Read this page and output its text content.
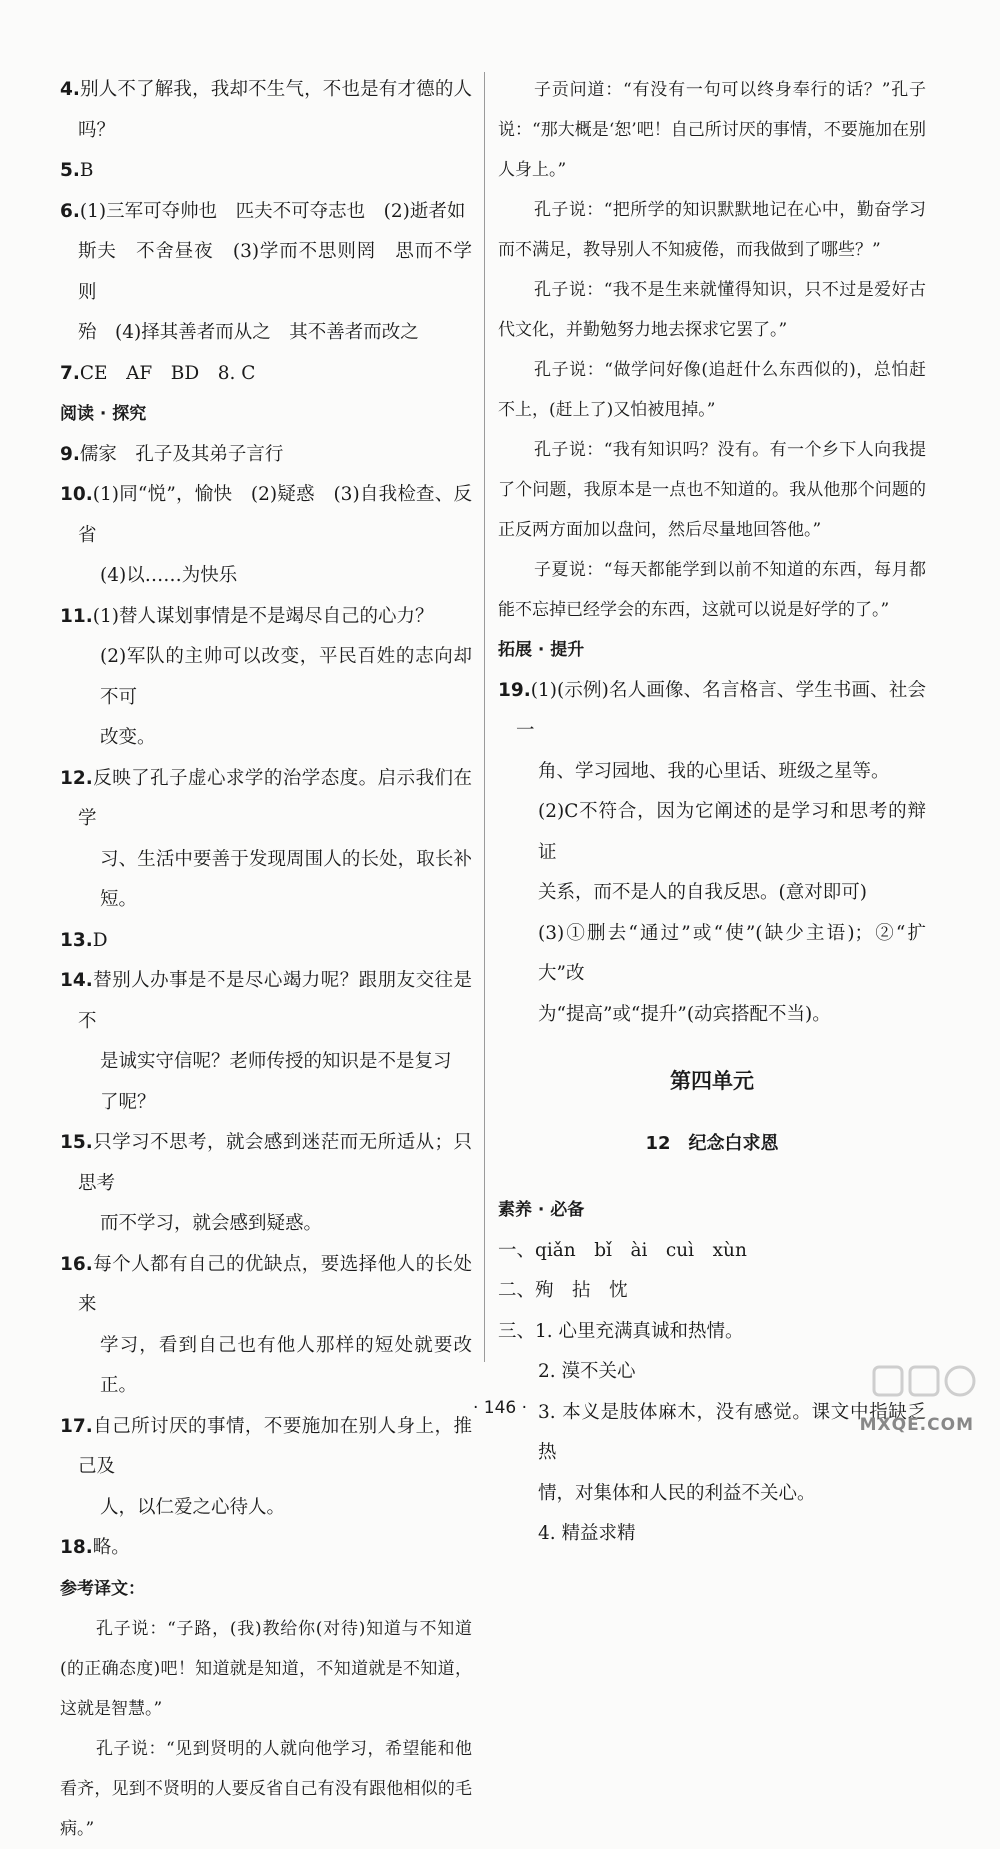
4.别人不了解我，我却不生气，不也是有才德的人吗？
5.B
6.(1)三军可夺帅也　匹夫不可夺志也　(2)逝者如
斯夫　不舍昼夜　(3)学而不思则罔　思而不学则
殆　(4)择其善者而从之　其不善者而改之
7.CE　AF　BD　8. C
阅读 · 探究
9.儒家　孔子及其弟子言行
10.(1)同“悦”，愉快　(2)疑惑　(3)自我检查、反省
(4)以……为快乐
11.(1)替人谋划事情是不是竭尽自己的心力？
(2)军队的主帅可以改变，平民百姓的志向却不可
改变。
12.反映了孔子虚心求学的治学态度。启示我们在学
习、生活中要善于发现周围人的长处，取长补短。
13.D
14.替别人办事是不是尽心竭力呢？跟朋友交往是不
是诚实守信呢？老师传授的知识是不是复习
了呢？
15.只学习不思考，就会感到迷茫而无所适从；只思考
而不学习，就会感到疑惑。
16.每个人都有自己的优缺点，要选择他人的长处来
学习，看到自己也有他人那样的短处就要改正。
17.自己所讨厌的事情，不要施加在别人身上，推己及
人，以仁爱之心待人。
18.略。
参考译文：
孔子说：“子路，(我)教给你(对待)知道与不知道(的正确态度)吧！知道就是知道，不知道就是不知道，这就是智慧。”
孔子说：“见到贤明的人就向他学习，希望能和他看齐，见到不贤明的人要反省自己有没有跟他相似的毛病。”
子贡问道：“有没有一句可以终身奉行的话？”孔子说：“那大概是‘恕’吧！自己所讨厌的事情，不要施加在别人身上。”
孔子说：“把所学的知识默默地记在心中，勤奋学习而不满足，教导别人不知疲倦，而我做到了哪些？”
孔子说：“我不是生来就懂得知识，只不过是爱好古代文化，并勤勉努力地去探求它罢了。”
孔子说：“做学问好像(追赶什么东西似的)，总怕赶不上，(赶上了)又怕被甩掉。”
孔子说：“我有知识吗？没有。有一个乡下人向我提了个问题，我原本是一点也不知道的。我从他那个问题的正反两方面加以盘问，然后尽量地回答他。”
子夏说：“每天都能学到以前不知道的东西，每月都能不忘掉已经学会的东西，这就可以说是好学的了。”
拓展 · 提升
19.(1)(示例)名人画像、名言格言、学生书画、社会一
角、学习园地、我的心里话、班级之星等。
(2)C不符合，因为它阐述的是学习和思考的辩证
关系，而不是人的自我反思。(意对即可)
(3)①删去“通过”或“使”(缺少主语)；②“扩大”改
为“提高”或“提升”(动宾搭配不当)。
第四单元
12　纪念白求恩
素养 · 必备
一、qiǎn　bǐ　ài　cuì　xùn
二、殉　拈　忱
三、1. 心里充满真诚和热情。
2. 漠不关心
3. 本义是肢体麻木，没有感觉。课文中指缺乏热
情，对集体和人民的利益不关心。
4. 精益求精
· 146 ·
MXQE.COM
